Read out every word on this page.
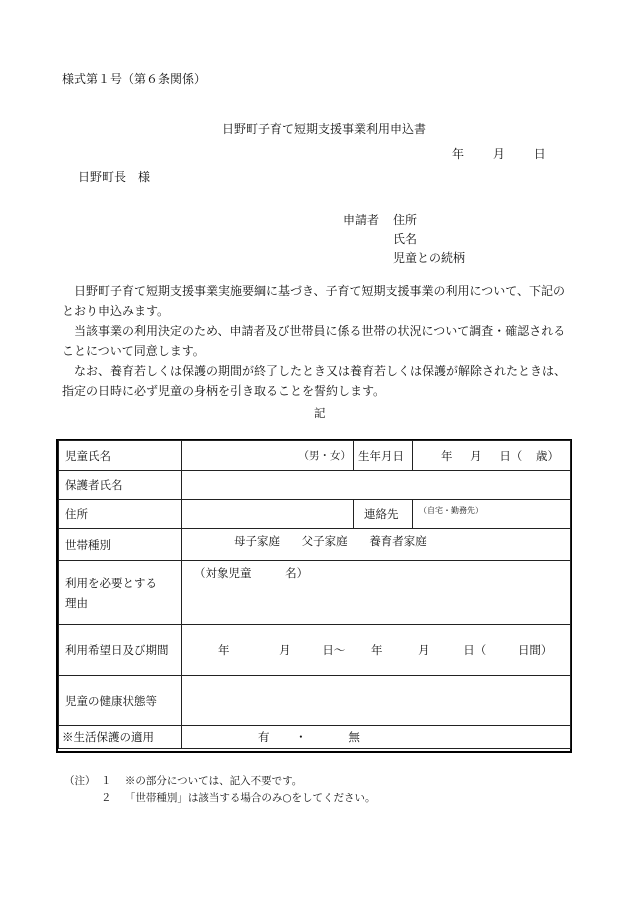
様式第１号（第６条関係）
日野町子育て短期支援事業利用申込書
年 月 日
日野町長　様
申請者 住所
氏名
児童との続柄

日野町子育て短期支援事業実施要綱に基づき、子育て短期支援事業の利用について、下記のとおり申込みます。

当該事業の利用決定のため、申請者及び世帯員に係る世帯の状況について調査・確認されることについて同意します。

なお、養育若しくは保護の期間が終了したとき又は養育若しくは保護が解除されたときは、指定の日時に必ず児童の身柄を引き取ることを誓約します。

記
児童氏名	（男・女）	生年月日	年 月 日（ 歳）
保護者氏名			
住所		連絡先	（自宅・勤務先）
世帯種別	母子家庭 父子家庭 養育者家庭		

利用を必要とする
理由	（対象児童 名）		
利用希望日及び期間	年 月 日～ 年 月 日（ 日間）		
児童の健康状態等			
※生活保護の適用	有 ・ 無		
（注） １ ※の部分については、記入不要です。
２ 「世帯種別」は該当する場合のみ○をしてください。
